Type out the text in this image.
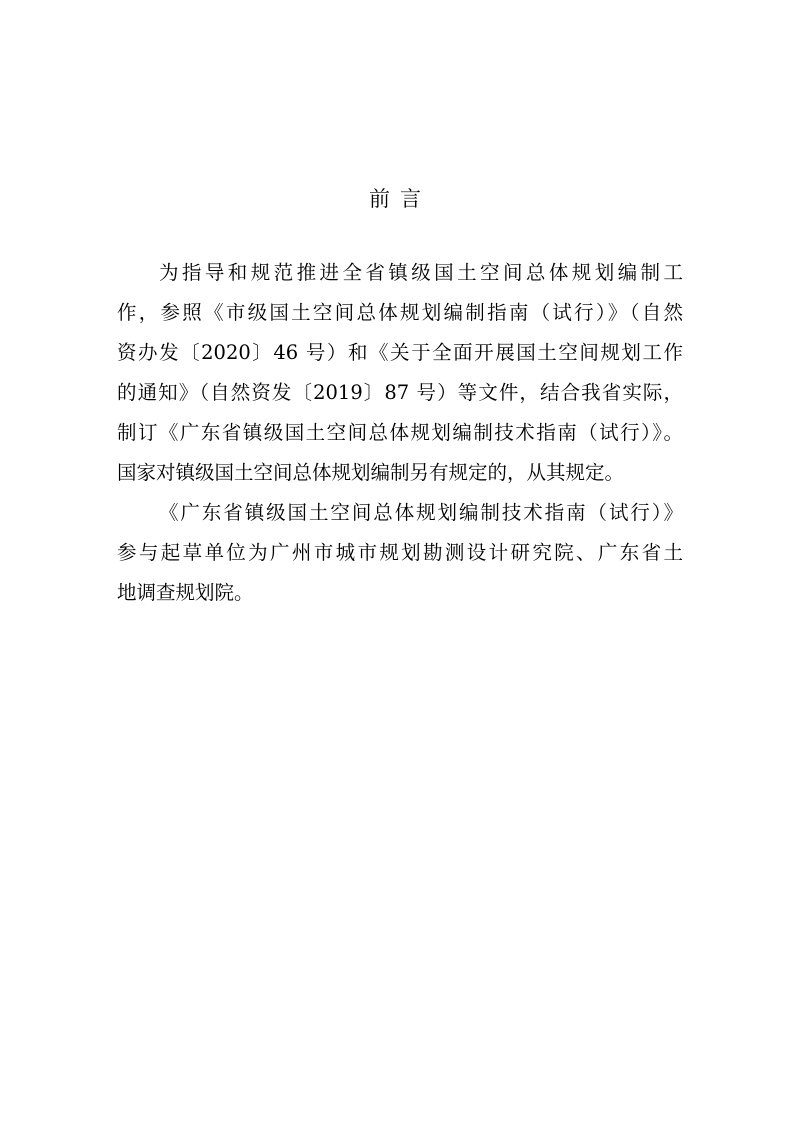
前言
为指导和规范推进全省镇级国土空间总体规划编制工
作，参照《市级国土空间总体规划编制指南（试行）》（自然
资办发〔2020〕46 号）和《关于全面开展国土空间规划工作
的通知》（自然资发〔2019〕87 号）等文件，结合我省实际，
制订《广东省镇级国土空间总体规划编制技术指南（试行）》。
国家对镇级国土空间总体规划编制另有规定的，从其规定。
《广东省镇级国土空间总体规划编制技术指南（试行）》
参与起草单位为广州市城市规划勘测设计研究院、广东省土
地调查规划院。
